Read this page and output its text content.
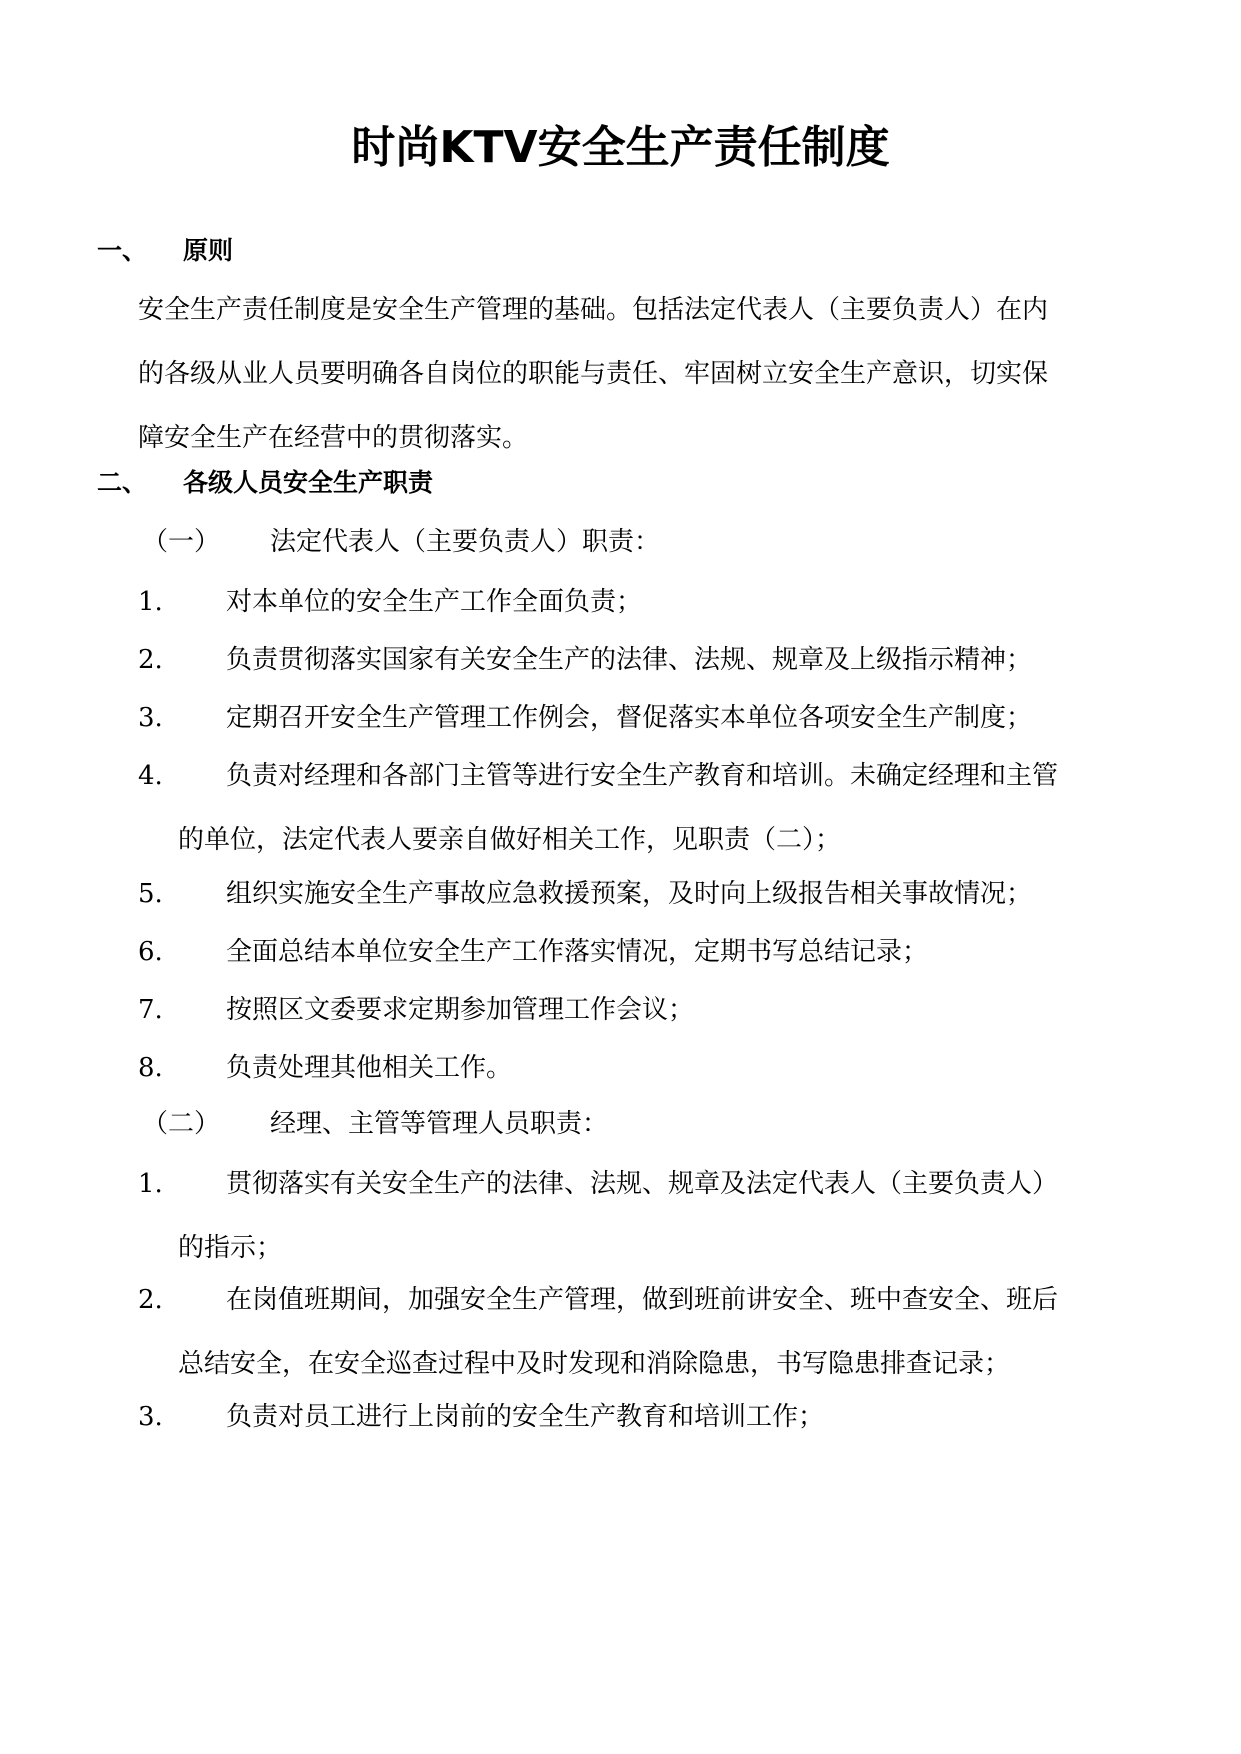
时尚KTV安全生产责任制度
一、 原则
安全生产责任制度是安全生产管理的基础。包括法定代表人（主要负责人）在内
的各级从业人员要明确各自岗位的职能与责任、牢固树立安全生产意识，切实保
障安全生产在经营中的贯彻落实。
二、 各级人员安全生产职责
（一） 法定代表人（主要负责人）职责：
1.	对本单位的安全生产工作全面负责；
2.	负责贯彻落实国家有关安全生产的法律、法规、规章及上级指示精神；
3.	定期召开安全生产管理工作例会，督促落实本单位各项安全生产制度；
4.	负责对经理和各部门主管等进行安全生产教育和培训。未确定经理和主管
的单位，法定代表人要亲自做好相关工作，见职责（二）；
5.	组织实施安全生产事故应急救援预案，及时向上级报告相关事故情况；
6.	全面总结本单位安全生产工作落实情况，定期书写总结记录；
7.	按照区文委要求定期参加管理工作会议；
8.	负责处理其他相关工作。
（二） 经理、主管等管理人员职责：
1.	贯彻落实有关安全生产的法律、法规、规章及法定代表人（主要负责人）
的指示；
2.	在岗值班期间，加强安全生产管理，做到班前讲安全、班中查安全、班后
总结安全，在安全巡查过程中及时发现和消除隐患，书写隐患排查记录；
3.	负责对员工进行上岗前的安全生产教育和培训工作；
